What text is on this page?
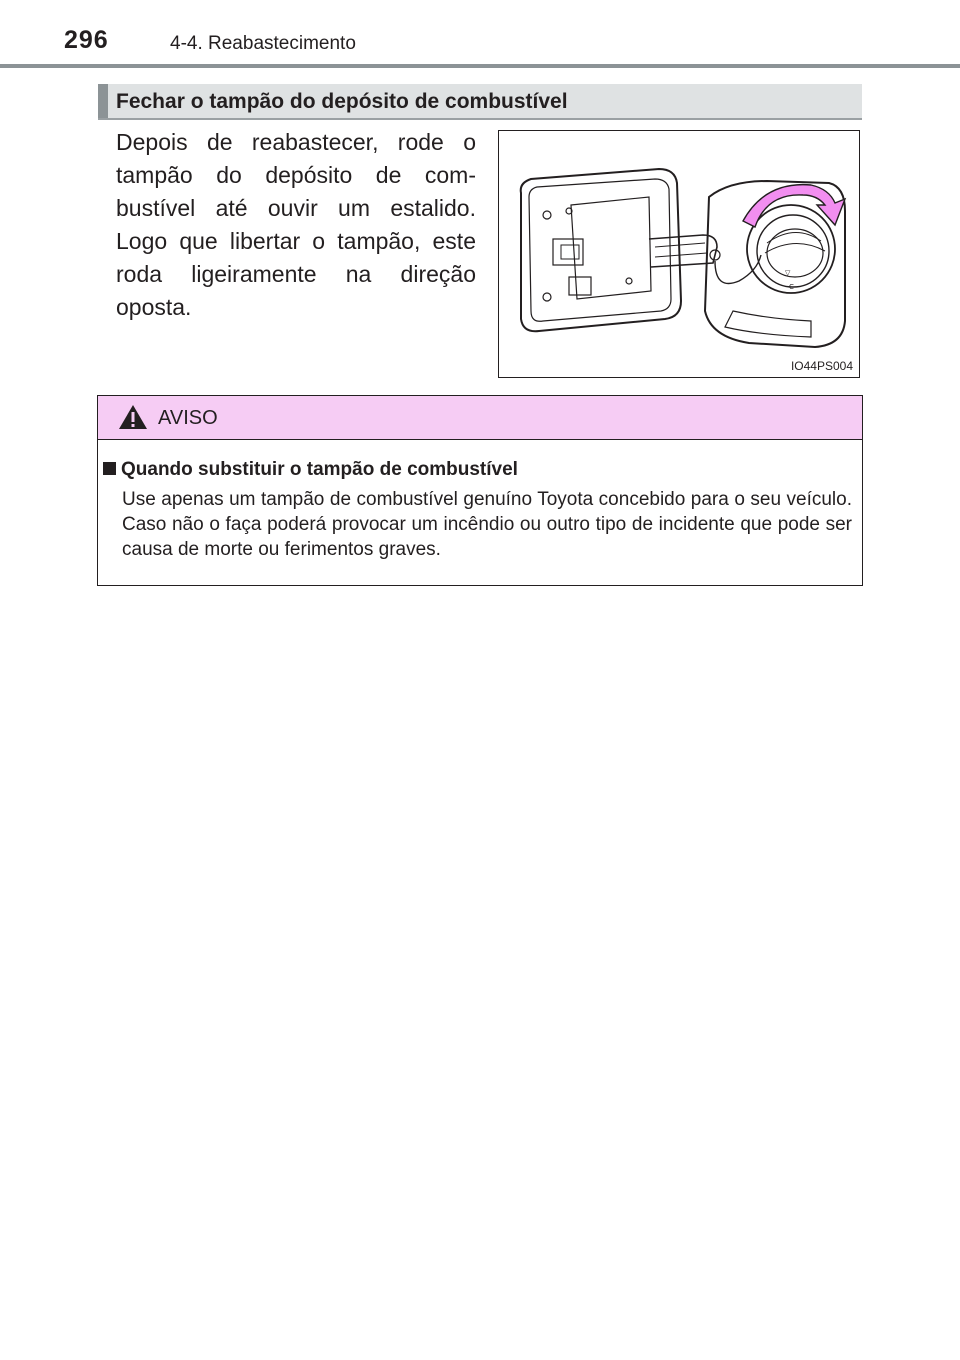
296	4-4. Reabastecimento
Fechar o tampão do depósito de combustível
Depois de reabastecer, rode o tampão do depósito de com-bustível até ouvir um estalido. Logo que libertar o tampão, este roda ligeiramente na direção oposta.
C
▽
IO44PS004
AVISO
Quando substituir o tampão de combustível
Use apenas um tampão de combustível genuíno Toyota concebido para o seu veículo. Caso não o faça poderá provocar um incêndio ou outro tipo de incidente que pode ser causa de morte ou ferimentos graves.
